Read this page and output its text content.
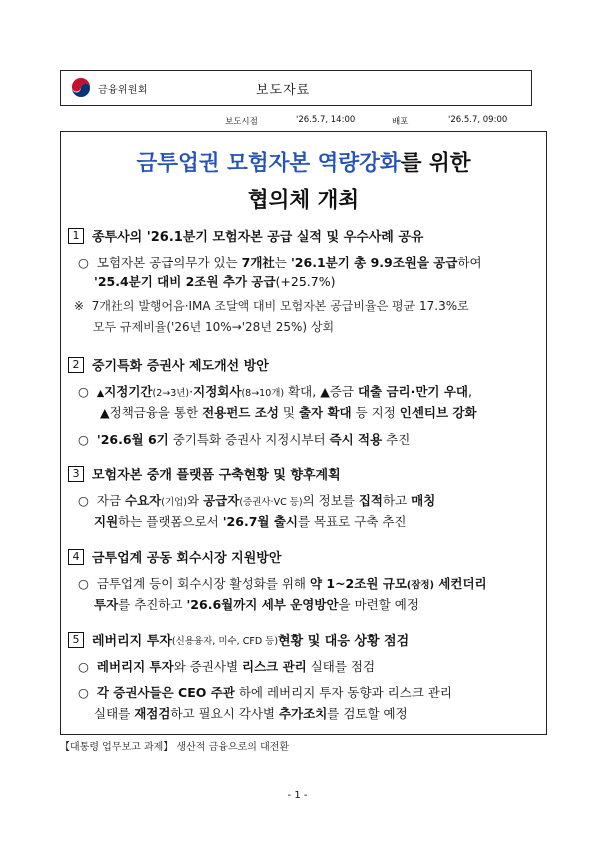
금융위원회	보도자료
보도시점	'26.5.7, 14:00	배포	'26.5.7, 09:00
금투업권 모험자본 역량강화를 위한
협의체 개최
1 종투사의 '26.1분기 모험자본 공급 실적 및 우수사례 공유
○ 모험자본 공급의무가 있는 7개社는 '26.1분기 총 9.9조원을 공급하여
'25.4분기 대비 2조원 추가 공급(+25.7%)
※ 7개社의 발행어음·IMA 조달액 대비 모험자본 공급비율은 평균 17.3%로
모두 규제비율('26년 10%→'28년 25%) 상회
2 중기특화 증권사 제도개선 방안
○ ▲지정기간(2→3년)·지정회사(8→10개) 확대, ▲증금 대출 금리·만기 우대,
▲정책금융을 통한 전용펀드 조성 및 출자 확대 등 지정 인센티브 강화
○ '26.6월 6기 중기특화 증권사 지정시부터 즉시 적용 추진
3 모험자본 중개 플랫폼 구축현황 및 향후계획
○ 자금 수요자(기업)와 공급자(증권사·VC 등)의 정보를 집적하고 매칭
지원하는 플랫폼으로서 '26.7월 출시를 목표로 구축 추진
4 금투업계 공동 회수시장 지원방안
○ 금투업계 등이 회수시장 활성화를 위해 약 1~2조원 규모(잠정) 세컨더리
투자를 추진하고 '26.6월까지 세부 운영방안을 마련할 예정
5 레버리지 투자 (신용융자, 미수, CFD 등) 현황 및 대응 상황 점검
○ 레버리지 투자와 증권사별 리스크 관리 실태를 점검
○ 각 증권사들은 CEO 주관 하에 레버리지 투자 동향과 리스크 관리
실태를 재점검하고 필요시 각사별 추가조치를 검토할 예정
【대통령 업무보고 과제】 생산적 금융으로의 대전환
- 1 -
